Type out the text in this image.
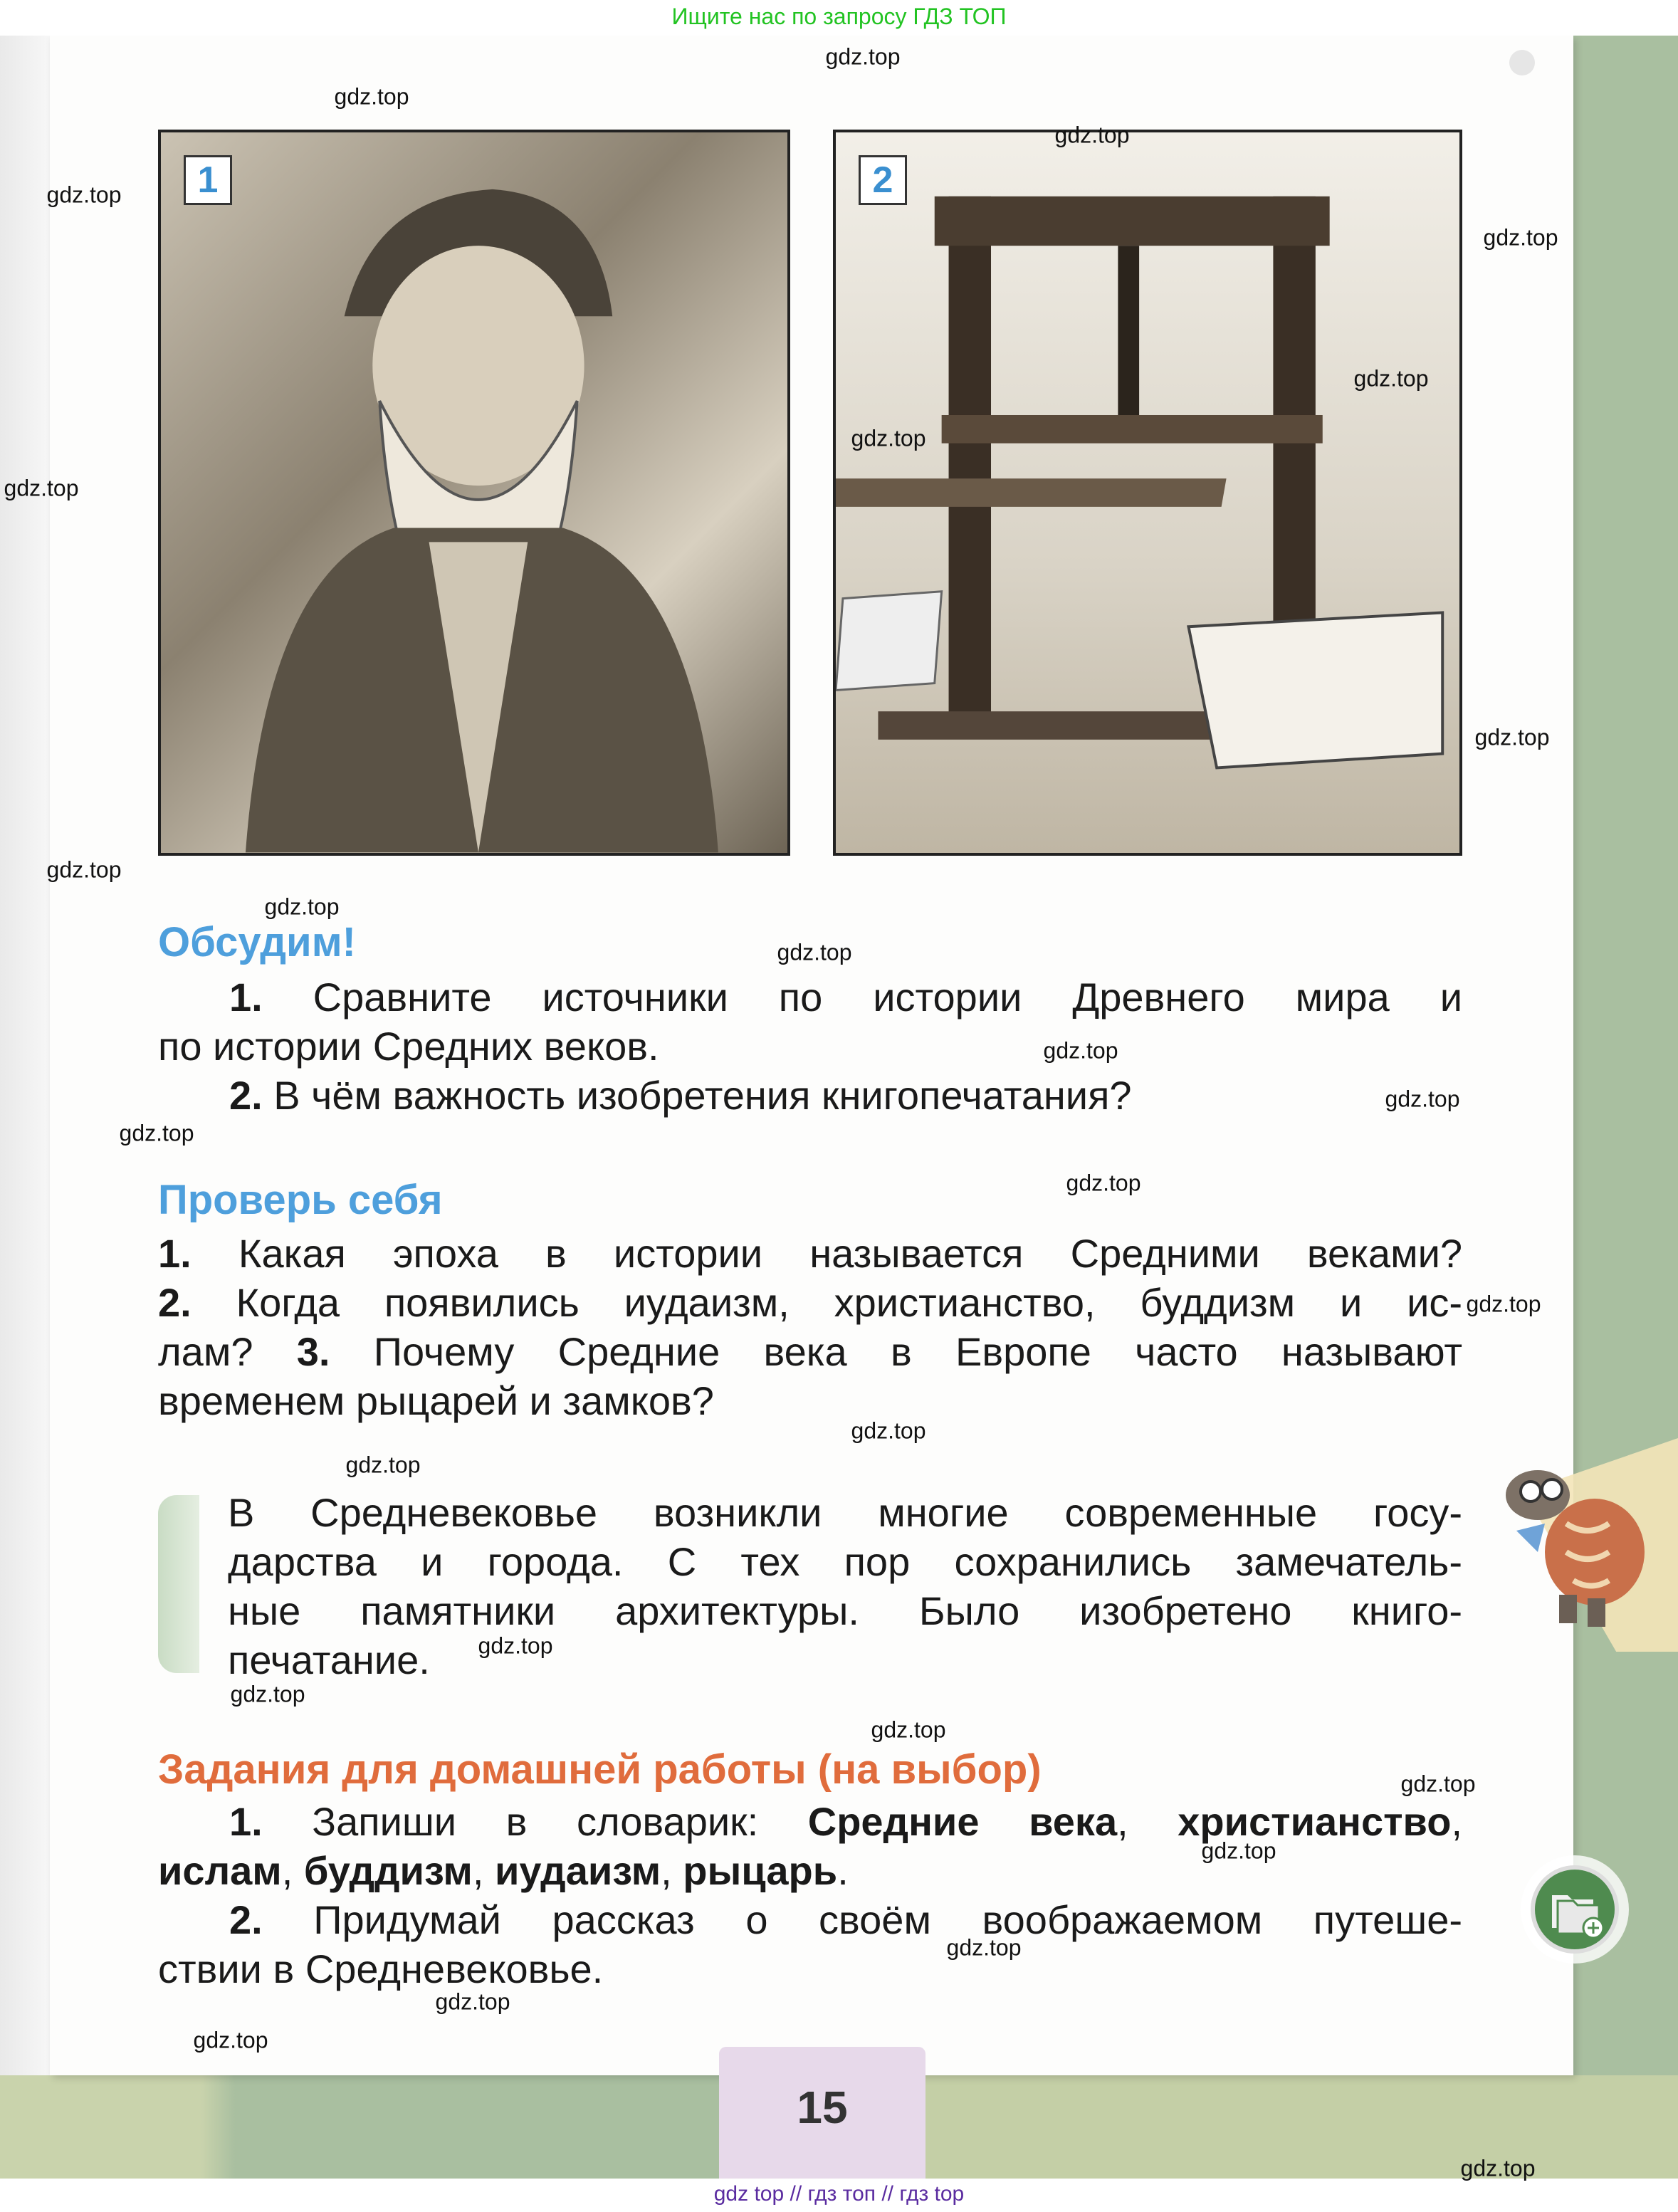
Ищите нас по запросу ГДЗ ТОП
1	2
Обсудим!
1. Сравните источники по истории Древнего мира и
по истории Средних веков.
2. В чём важность изобретения книгопечатания?
Проверь себя
1. Какая эпоха в истории называется Средними веками?
2. Когда появились иудаизм, христианство, буддизм и ис-
лам? 3. Почему Средние века в Европе часто называют
временем рыцарей и замков?
В Средневековье возникли многие современные госу-
дарства и города. С тех пор сохранились замечатель-
ные памятники архитектуры. Было изобретено книго-
печатание.
Задания для домашней работы (на выбор)
1. Запиши в словарик: Средние века, христианство,
ислам, буддизм, иудаизм, рыцарь.
2. Придумай рассказ о своём воображаемом путеше-
ствии в Средневековье.
15
gdz top // гдз топ // гдз top
gdz.top
gdz.top
gdz.top
gdz.top
gdz.top
gdz.top
gdz.top
gdz.top
gdz.top
gdz.top
gdz.top
gdz.top
gdz.top
gdz.top
gdz.top
gdz.top
gdz.top
gdz.top
gdz.top
gdz.top
gdz.top
gdz.top
gdz.top
gdz.top
gdz.top
gdz.top
gdz.top
gdz.top
